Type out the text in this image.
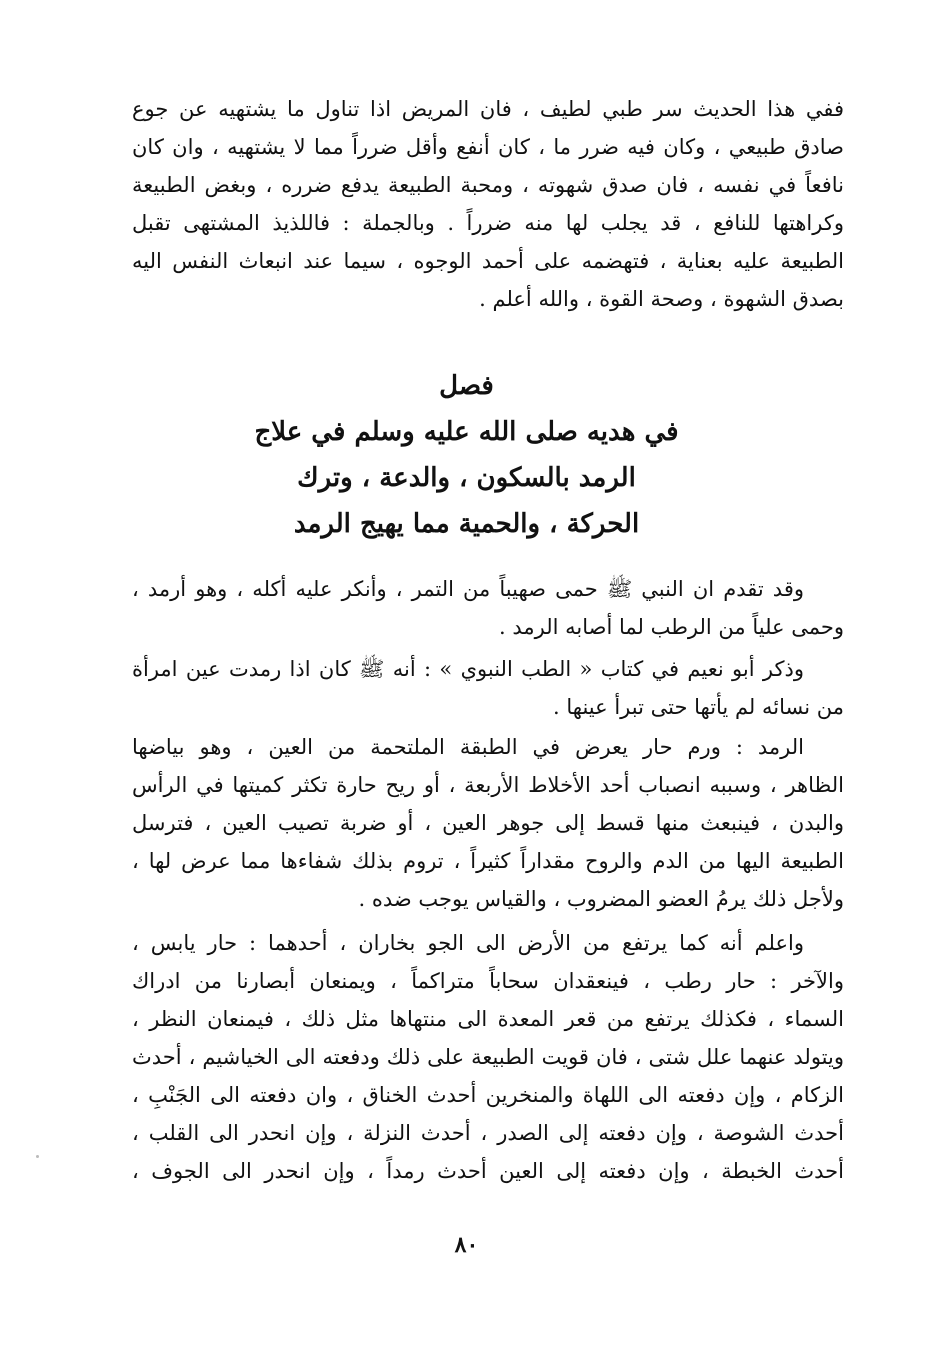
ففي هذا الحديث سر طبي لطيف ، فان المريض اذا تناول ما يشتهيه عن جوع
صادق طبيعي ، وكان فيه ضرر ما ، كان أنفع وأقل ضرراً مما لا يشتهيه ، وان كان
نافعاً في نفسه ، فان صدق شهوته ، ومحبة الطبيعة يدفع ضرره ، وبغض الطبيعة
وكراهتها للنافع ، قد يجلب لها منه ضرراً . وبالجملة : فاللذيذ المشتهى تقبل
الطبيعة عليه بعناية ، فتهضمه على أحمد الوجوه ، سيما عند انبعاث النفس اليه
بصدق الشهوة ، وصحة القوة ، والله أعلم .
فصل
في هديه صلى الله عليه وسلم في علاج
الرمد بالسكون ، والدعة ، وترك
الحركة ، والحمية مما يهيج الرمد
وقد تقدم ان النبي ﷺ حمى صهيباً من التمر ، وأنكر عليه أكله ، وهو أرمد ،
وحمى علياً من الرطب لما أصابه الرمد .
وذكر أبو نعيم في كتاب « الطب النبوي » : أنه ﷺ كان اذا رمدت عين امرأة
من نسائه لم يأتها حتى تبرأ عينها .
الرمد : ورم حار يعرض في الطبقة الملتحمة من العين ، وهو بياضها
الظاهر ، وسببه انصباب أحد الأخلاط الأربعة ، أو ريح حارة تكثر كميتها في الرأس
والبدن ، فينبعث منها قسط إلى جوهر العين ، أو ضربة تصيب العين ، فترسل
الطبيعة اليها من الدم والروح مقداراً كثيراً ، تروم بذلك شفاءها مما عرض لها ،
ولأجل ذلك يرمُ العضو المضروب ، والقياس يوجب ضده .
واعلم أنه كما يرتفع من الأرض الى الجو بخاران ، أحدهما : حار يابس ،
والآخر : حار رطب ، فينعقدان سحاباً متراكماً ، ويمنعان أبصارنا من ادراك
السماء ، فكذلك يرتفع من قعر المعدة الى منتهاها مثل ذلك ، فيمنعان النظر ،
ويتولد عنهما علل شتى ، فان قويت الطبيعة على ذلك ودفعته الى الخياشيم ، أحدث
الزكام ، وإن دفعته الى اللهاة والمنخرين أحدث الخناق ، وان دفعته الى الجَنْبِ ،
أحدث الشوصة ، وإن دفعته إلى الصدر ، أحدث النزلة ، وإن انحدر الى القلب ،
أحدث الخبطة ، وإن دفعته إلى العين أحدث رمداً ، وإن انحدر الى الجوف ،
٨٠
